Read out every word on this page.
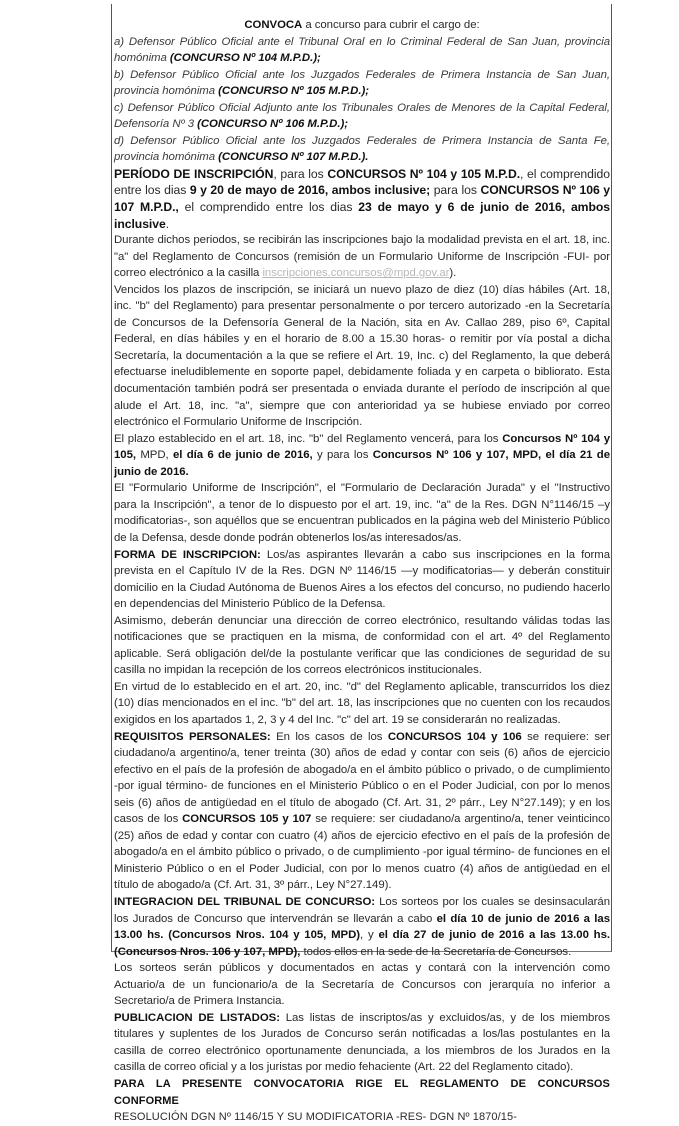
CONVOCA a concurso para cubrir el cargo de:

a) Defensor Público Oficial ante el Tribunal Oral en lo Criminal Federal de San Juan, provincia homónima (CONCURSO Nº 104 M.P.D.);

b) Defensor Público Oficial ante los Juzgados Federales de Primera Instancia de San Juan, provincia homónima (CONCURSO Nº 105 M.P.D.);

c) Defensor Público Oficial Adjunto ante los Tribunales Orales de Menores de la Capital Federal, Defensoría Nº 3 (CONCURSO Nº 106 M.P.D.);

d) Defensor Público Oficial ante los Juzgados Federales de Primera Instancia de Santa Fe, provincia homónima (CONCURSO Nº 107 M.P.D.).

PERÍODO DE INSCRIPCIÓN, para los CONCURSOS Nº 104 y 105 M.P.D., el comprendido entre los dias 9 y 20 de mayo de 2016, ambos inclusive; para los CONCURSOS Nº 106 y 107 M.P.D., el comprendido entre los dias 23 de mayo y 6 de junio de 2016, ambos inclusive.

Durante dichos periodos, se recibirán las inscripciones bajo la modalidad prevista en el art. 18, inc. "a" del Reglamento de Concursos (remisión de un Formulario Uniforme de Inscripción -FUI- por correo electrónico a la casilla inscripciones.concursos@mpd.gov.ar).

Vencidos los plazos de inscripción, se iniciará un nuevo plazo de diez (10) días hábiles (Art. 18, inc. "b" del Reglamento) para presentar personalmente o por tercero autorizado -en la Secretaría de Concursos de la Defensoría General de la Nación, sita en Av. Callao 289, piso 6º, Capital Federal, en días hábiles y en el horario de 8.00 a 15.30 horas- o remitir por vía postal a dicha Secretaría, la documentación a la que se refiere el Art. 19, Inc. c) del Reglamento, la que deberá efectuarse ineludiblemente en soporte papel, debidamente foliada y en carpeta o biblioratо. Esta documentación también podrá ser presentada o enviada durante el período de inscripción al que alude el Art. 18, inc. "a", siempre que con anterioridad ya se hubiese enviado por correo electrónico el Formulario Uniforme de Inscripción.

El plazo establecido en el art. 18, inc. "b" del Reglamento vencerá, para los Concursos Nº 104 y 105, MPD, el día 6 de junio de 2016, y para los Concursos Nº 106 y 107, MPD, el día 21 de junio de 2016.

El "Formulario Uniforme de Inscripción", el "Formulario de Declaración Jurada" y el "Instructivo para la Inscripción", a tenor de lo dispuesto por el art. 19, inc. "a" de la Res. DGN N°1146/15 –y modificatorias-, son aquéllos que se encuentran publicados en la página web del Ministerio Público de la Defensa, desde donde podrán obtenerlos los/as interesados/as.

FORMA DE INSCRIPCION: Los/as aspirantes llevarán a cabo sus inscripciones en la forma prevista en el Capítulo IV de la Res. DGN Nº 1146/15 —y modificatorias— y deberán constituir domicilio en la Ciudad Autónoma de Buenos Aires a los efectos del concurso, no pudiendo hacerlo en dependencias del Ministerio Público de la Defensa.

Asimismo, deberán denunciar una dirección de correo electrónico, resultando válidas todas las notificaciones que se practiquen en la misma, de conformidad con el art. 4º del Reglamento aplicable. Será obligación del/de la postulante verificar que las condiciones de seguridad de su casilla no impidan la recepción de los correos electrónicos institucionales.

En virtud de lo establecido en el art. 20, inc. "d" del Reglamento aplicable, transcurridos los diez (10) días mencionados en el inc. "b" del art. 18, las inscripciones que no cuenten con los recaudos exigidos en los apartados 1, 2, 3 y 4 del Inc. "c" del art. 19 se considerarán no realizadas.

REQUISITOS PERSONALES: En los casos de los CONCURSOS 104 y 106 se requiere: ser ciudadano/a argentino/a, tener treinta (30) años de edad y contar con seis (6) años de ejercicio efectivo en el país de la profesión de abogado/a en el ámbito público o privado, o de cumplimiento -por igual término- de funciones en el Ministerio Público o en el Poder Judicial, con por lo menos seis (6) años de antigüedad en el título de abogado (Cf. Art. 31, 2º párr., Ley N°27.149); y en los casos de los CONCURSOS 105 y 107 se requiere: ser ciudadano/a argentino/a, tener veinticinco (25) años de edad y contar con cuatro (4) años de ejercicio efectivo en el país de la profesión de abogado/a en el ámbito público o privado, o de cumplimiento -por igual término- de funciones en el Ministerio Público o en el Poder Judicial, con por lo menos cuatro (4) años de antigüedad en el título de abogado/a (Cf. Art. 31, 3º párr., Ley N°27.149).

INTEGRACION DEL TRIBUNAL DE CONCURSO: Los sorteos por los cuales se desinsacularán los Jurados de Concurso que intervendrán se llevarán a cabo el día 10 de junio de 2016 a las 13.00 hs. (Concursos Nros. 104 y 105, MPD), y el día 27 de junio de 2016 a las 13.00 hs. (Concursos Nros. 106 y 107, MPD), todos ellos en la sede de la Secretaría de Concursos.

Los sorteos serán públicos y documentados en actas y contará con la intervención como Actuario/a de un funcionario/a de la Secretaría de Concursos con jerarquía no inferior a Secretario/a de Primera Instancia.

PUBLICACION DE LISTADOS: Las listas de inscriptos/as y excluidos/as, y de los miembros titulares y suplentes de los Jurados de Concurso serán notificadas a los/las postulantes en la casilla de correo electrónico oportunamente denunciada, a los miembros de los Jurados en la casilla de correo oficial y a los juristas por medio fehaciente (Art. 22 del Reglamento citado).

PARA LA PRESENTE CONVOCATORIA RIGE EL REGLAMENTO DE CONCURSOS CONFORME
RESOLUCIÓN DGN Nº 1146/15 Y SU MODIFICATORIA -RES- DGN Nº 1870/15-
